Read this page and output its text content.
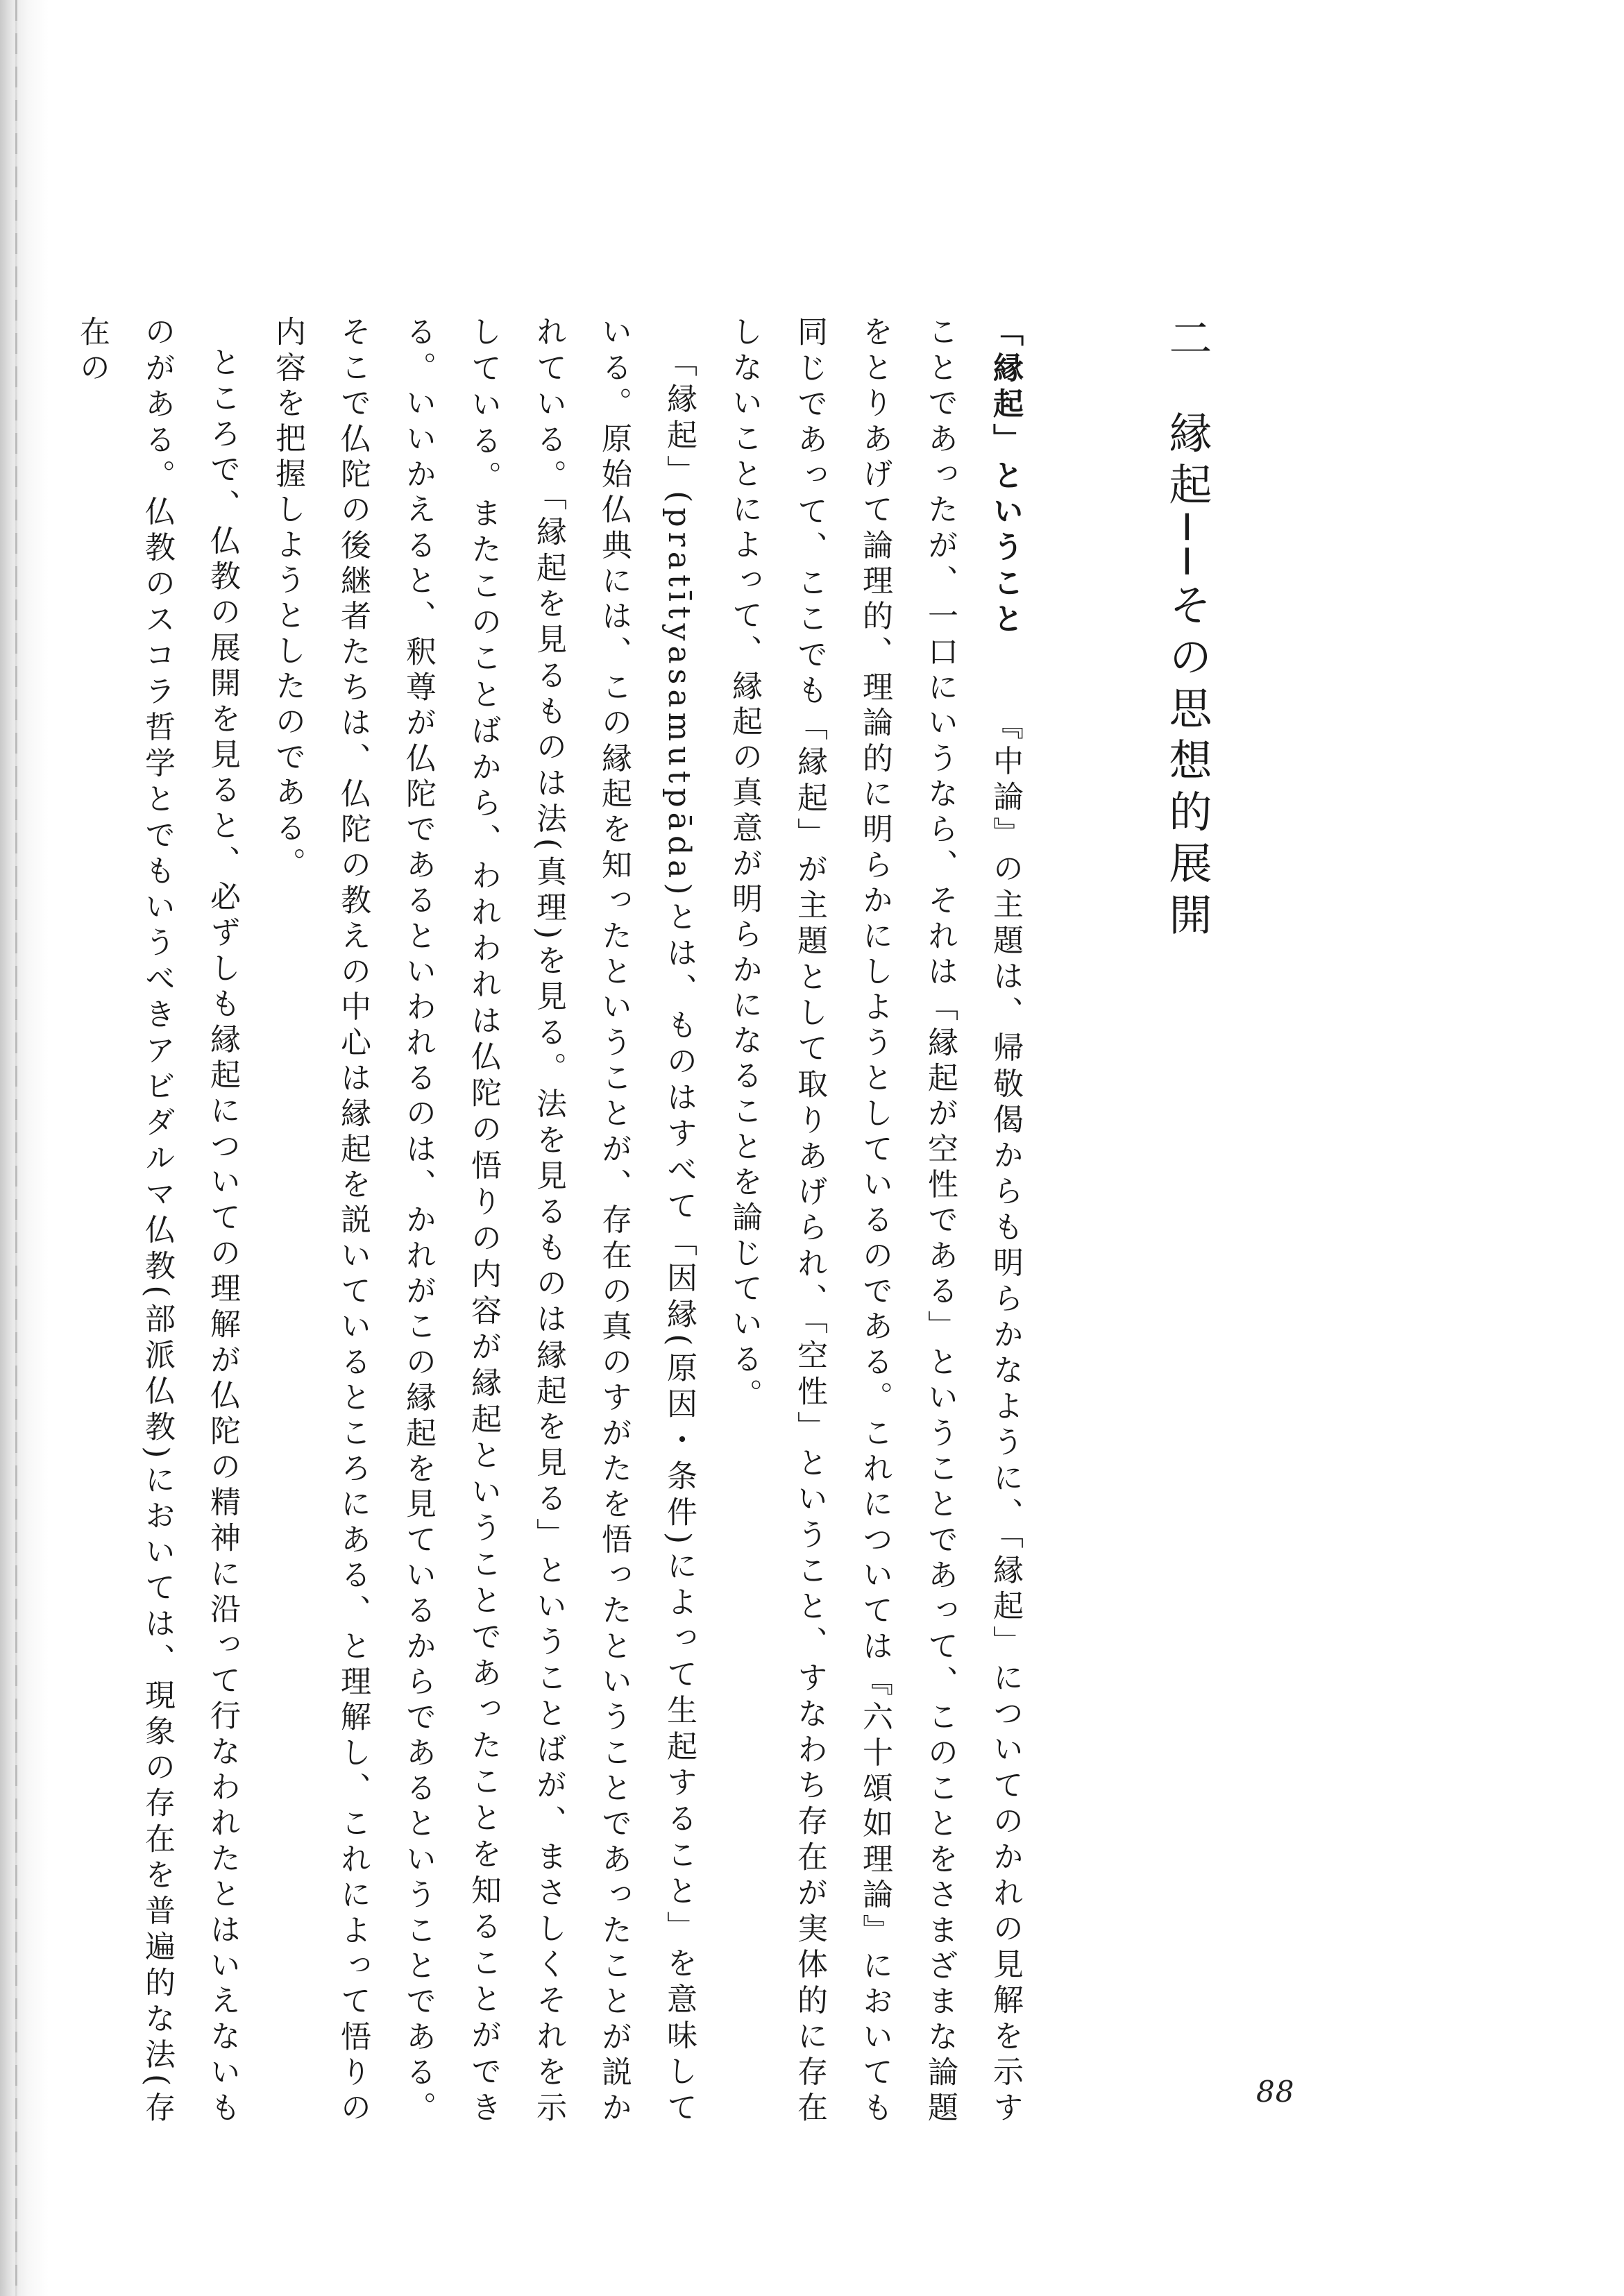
二縁起──その思想的展開

「縁起」ということ『中論』の主題は、帰敬偈からも明らかなように、「縁起」についてのかれの見解を示すことであったが、一口にいうなら、それは「縁起が空性である」ということであって、このことをさまざまな論題をとりあげて論理的、理論的に明らかにしようとしているのである。これについては『六十頌如理論』においても同じであって、ここでも「縁起」が主題として取りあげられ、「空性」ということ、すなわち存在が実体的に存在しないことによって、縁起の真意が明らかになることを論じている。

「縁起」(pratītyasamutpāda)とは、ものはすべて「因縁(原因・条件)によって生起すること」を意味している。原始仏典には、この縁起を知ったということが、存在の真のすがたを悟ったということであったことが説かれている。「縁起を見るものは法(真理)を見る。法を見るものは縁起を見る」ということばが、まさしくそれを示している。またこのことばから、われわれは仏陀の悟りの内容が縁起ということであったことを知ることができる。いいかえると、釈尊が仏陀であるといわれるのは、かれがこの縁起を見ているからであるということである。そこで仏陀の後継者たちは、仏陀の教えの中心は縁起を説いているところにある、と理解し、これによって悟りの内容を把握しようとしたのである。

ところで、仏教の展開を見ると、必ずしも縁起についての理解が仏陀の精神に沿って行なわれたとはいえないものがある。仏教のスコラ哲学とでもいうべきアビダルマ仏教(部派仏教)においては、現象の存在を普遍的な法(存在の

88
